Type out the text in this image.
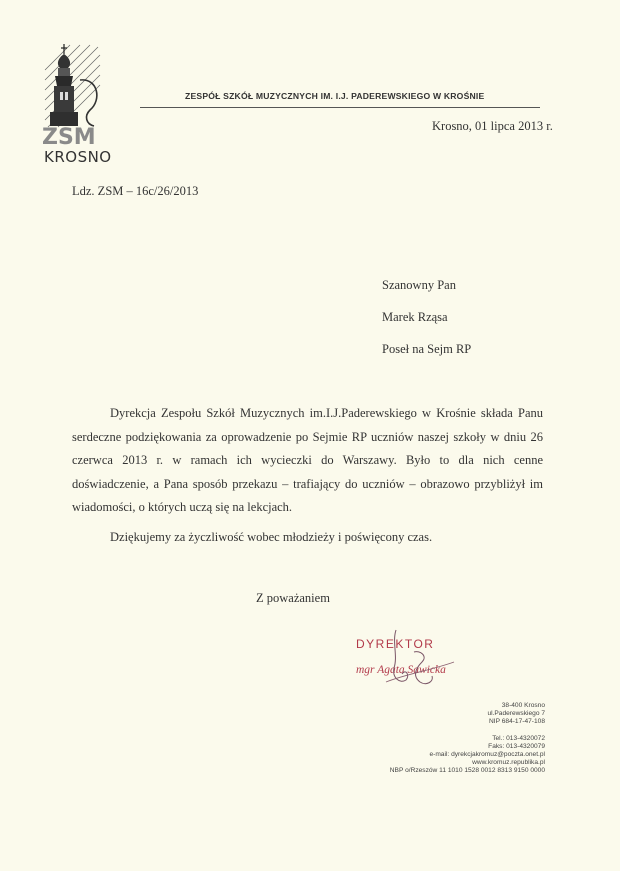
ZSM
KROSNO
ZESPÓŁ SZKÓŁ MUZYCZNYCH IM. I.J. PADEREWSKIEGO W KROŚNIE
Krosno, 01 lipca 2013 r.
Ldz. ZSM – 16c/26/2013
Szanowny Pan
Marek Rząsa
Poseł na Sejm RP

Dyrekcja Zespołu Szkół Muzycznych im.I.J.Paderewskiego w Krośnie składa Panu serdeczne podziękowania za oprowadzenie po Sejmie RP uczniów naszej szkoły w dniu 26 czerwca 2013 r. w ramach ich wycieczki do Warszawy. Było to dla nich cenne doświadczenie, a Pana sposób przekazu – trafiający do uczniów – obrazowo przybliżył im wiadomości, o których uczą się na lekcjach.

Dziękujemy za życzliwość wobec młodzieży i poświęcony czas.

Z poważaniem
DYREKTOR
mgr Agata Sawicka
38-400 Krosno
ul.Paderewskiego 7
NIP 684-17-47-108
Tel.: 013-4320072
Faks: 013-4320079
e-mail: dyrekcjakromuz@poczta.onet.pl
www.kromuz.republika.pl
NBP o/Rzeszów 11 1010 1528 0012 8313 9150 0000
